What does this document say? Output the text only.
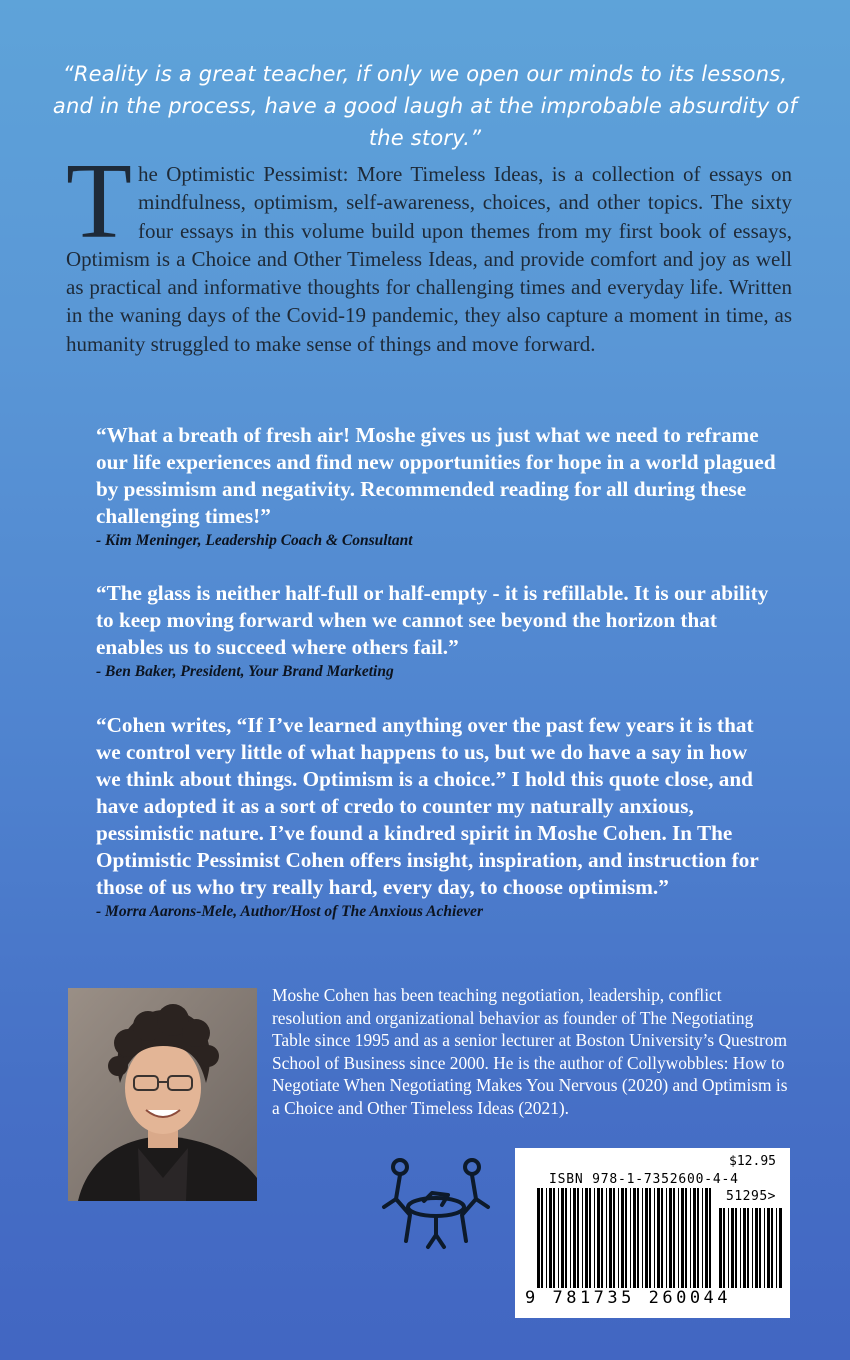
“Reality is a great teacher, if only we open our minds to its lessons, and in the process, have a good laugh at the improbable absurdity of the story.”
The Optimistic Pessimist: More Timeless Ideas, is a collection of essays on mindfulness, optimism, self-awareness, choices, and other topics. The sixty four essays in this volume build upon themes from my first book of essays, Optimism is a Choice and Other Timeless Ideas, and provide comfort and joy as well as practical and informative thoughts for challenging times and everyday life. Written in the waning days of the Covid-19 pandemic, they also capture a moment in time, as humanity struggled to make sense of things and move forward.
“What a breath of fresh air! Moshe gives us just what we need to reframe our life experiences and find new opportunities for hope in a world plagued by pessimism and negativity. Recommended reading for all during these challenging times!”
- Kim Meninger, Leadership Coach & Consultant
“The glass is neither half-full or half-empty - it is refillable. It is our ability to keep moving forward when we cannot see beyond the horizon that enables us to succeed where others fail.”
- Ben Baker, President, Your Brand Marketing
“Cohen writes, “If I’ve learned anything over the past few years it is that we control very little of what happens to us, but we do have a say in how we think about things. Optimism is a choice.” I hold this quote close, and have adopted it as a sort of credo to counter my naturally anxious, pessimistic nature. I’ve found a kindred spirit in Moshe Cohen. In The Optimistic Pessimist Cohen offers insight, inspiration, and instruction for those of us who try really hard, every day, to choose optimism.”
- Morra Aarons-Mele, Author/Host of The Anxious Achiever
Moshe Cohen has been teaching negotiation, leadership, conflict resolution and organizational behavior as founder of The Negotiating Table since 1995 and as a senior lecturer at Boston University’s Questrom School of Business since 2000. He is the author of Collywobbles: How to Negotiate When Negotiating Makes You Nervous (2020) and Optimism is a Choice and Other Timeless Ideas (2021).
$12.95
ISBN 978-1-7352600-4-4
51295>
9 781735 260044
